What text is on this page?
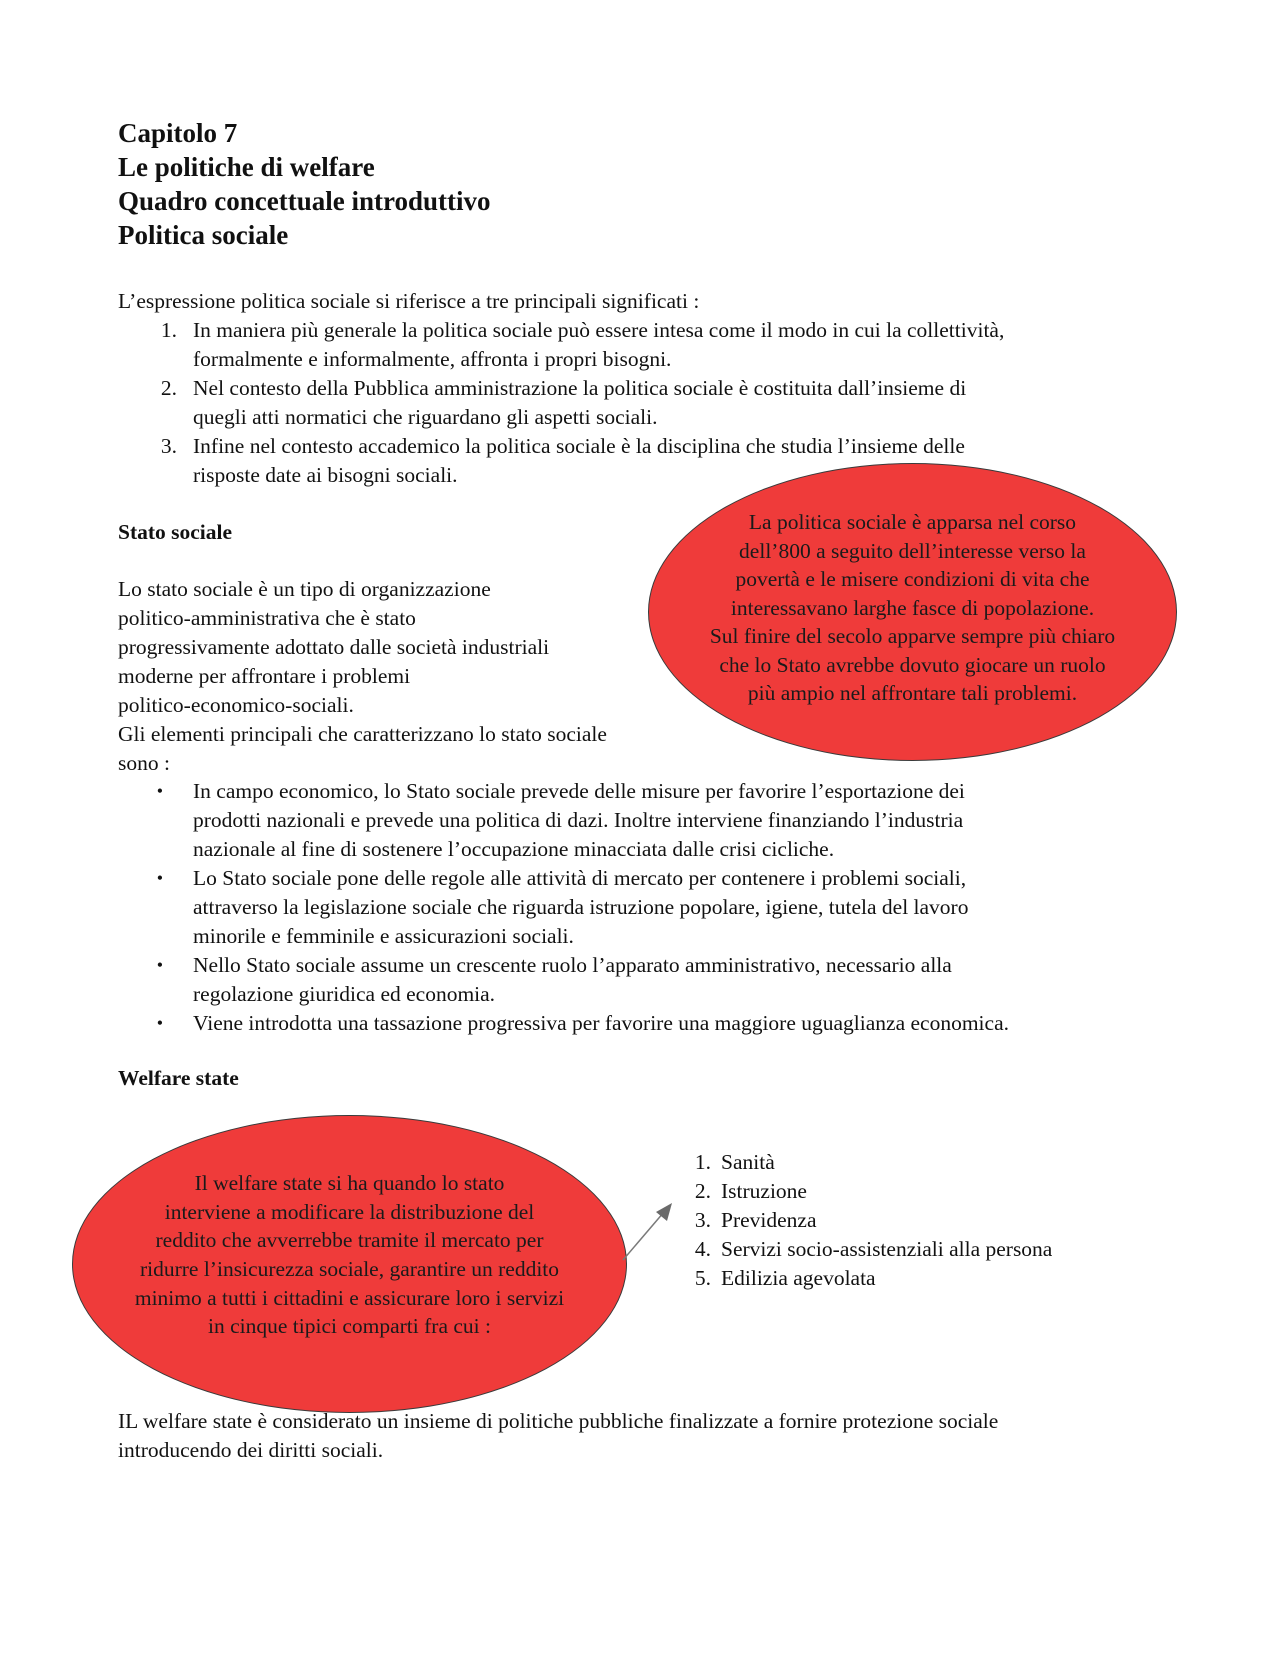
Capitolo 7
Le politiche di welfare
Quadro concettuale introduttivo
Politica sociale
L’espressione politica sociale si riferisce a tre principali significati :
1. In maniera più generale la politica sociale può essere intesa come il modo in cui la collettività,
formalmente e informalmente, affronta i propri bisogni.
2. Nel contesto della Pubblica amministrazione la politica sociale è costituita dall’insieme di
quegli atti normatici che riguardano gli aspetti sociali.
3. Infine nel contesto accademico la politica sociale è la disciplina che studia l’insieme delle
risposte date ai bisogni sociali.
Stato sociale
Lo stato sociale è un tipo di organizzazione
politico-amministrativa che è stato
progressivamente adottato dalle società industriali
moderne per affrontare i problemi
politico-economico-sociali.
Gli elementi principali che caratterizzano lo stato sociale
sono :
La politica sociale è apparsa nel corso
dell’800 a seguito dell’interesse verso la
povertà e le misere condizioni di vita che
interessavano larghe fasce di popolazione.
Sul finire del secolo apparve sempre più chiaro
che lo Stato avrebbe dovuto giocare un ruolo
più ampio nel affrontare tali problemi.
•	In campo economico, lo Stato sociale prevede delle misure per favorire l’esportazione dei
prodotti nazionali e prevede una politica di dazi. Inoltre interviene finanziando l’industria
nazionale al fine di sostenere l’occupazione minacciata dalle crisi cicliche.
•	Lo Stato sociale pone delle regole alle attività di mercato per contenere i problemi sociali,
attraverso la legislazione sociale che riguarda istruzione popolare, igiene, tutela del lavoro
minorile e femminile e assicurazioni sociali.
•	Nello Stato sociale assume un crescente ruolo l’apparato amministrativo, necessario alla
regolazione giuridica ed economia.
•	Viene introdotta una tassazione progressiva per favorire una maggiore uguaglianza economica.
Welfare state
Il welfare state si ha quando lo stato
interviene a modificare la distribuzione del
reddito che avverrebbe tramite il mercato per
ridurre l’insicurezza sociale, garantire un reddito
minimo a tutti i cittadini e assicurare loro i servizi
in cinque tipici comparti fra cui :
1. Sanità
2. Istruzione
3. Previdenza
4. Servizi socio-assistenziali alla persona
5. Edilizia agevolata
IL welfare state è considerato un insieme di politiche pubbliche finalizzate a fornire protezione sociale
introducendo dei diritti sociali.
